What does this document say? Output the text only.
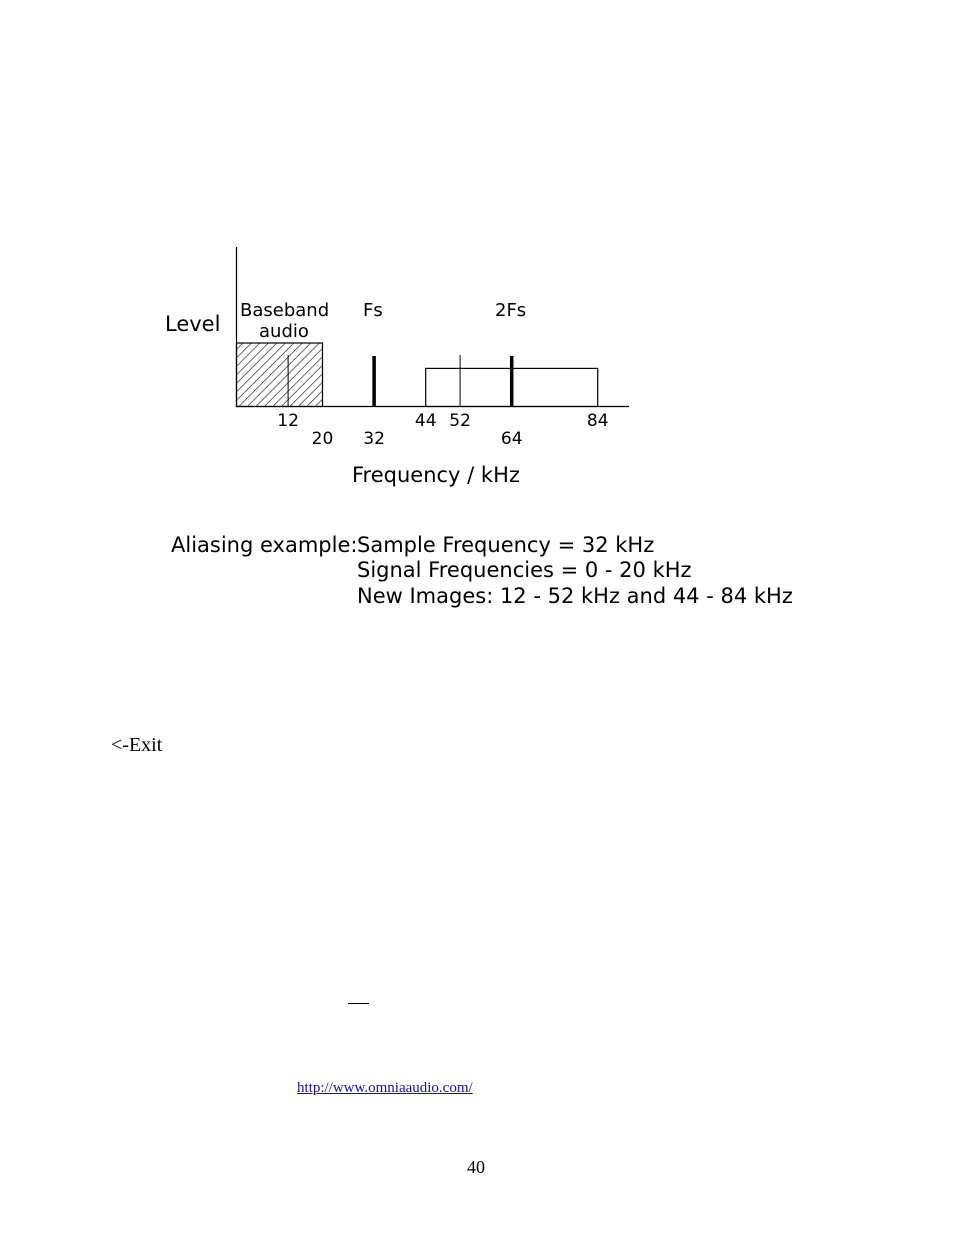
Level
Baseband
audio
Fs	2Fs
12
20 32
44 52
64
84
Frequency / kHz
Aliasing example: Sample Frequency = 32 kHz
Signal Frequencies = 0 - 20 kHz
New Images: 12 - 52 kHz and 44 - 84 kHz
<-Exit
http://www.omniaaudio.com/
40
